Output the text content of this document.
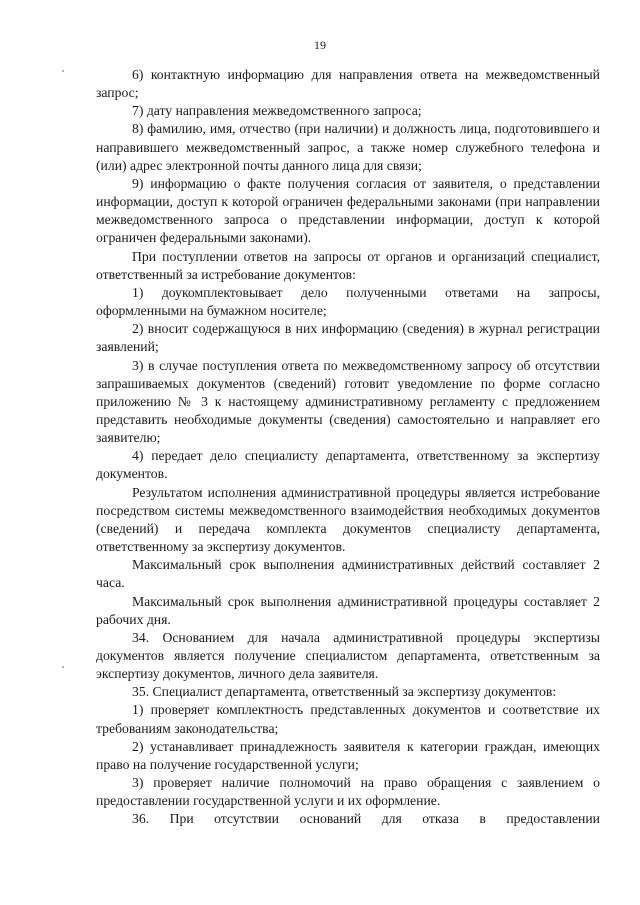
19

6) контактную информацию для направления ответа на межведомственный запрос;

7) дату направления межведомственного запроса;

8) фамилию, имя, отчество (при наличии) и должность лица, подготовившего и направившего межведомственный запрос, а также номер служебного телефона и (или) адрес электронной почты данного лица для связи;

9) информацию о факте получения согласия от заявителя, о представлении информации, доступ к которой ограничен федеральными законами (при направлении межведомственного запроса о представлении информации, доступ к которой ограничен федеральными законами).

При поступлении ответов на запросы от органов и организаций специалист, ответственный за истребование документов:

1) доукомплектовывает дело полученными ответами на запросы, оформленными на бумажном носителе;

2) вносит содержащуюся в них информацию (сведения) в журнал регистрации заявлений;

3) в случае поступления ответа по межведомственному запросу об отсутствии запрашиваемых документов (сведений) готовит уведомление по форме согласно приложению № 3 к настоящему административному регламенту с предложением представить необходимые документы (сведения) самостоятельно и направляет его заявителю;

4) передает дело специалисту департамента, ответственному за экспертизу документов.

Результатом исполнения административной процедуры является истребование посредством системы межведомственного взаимодействия необходимых документов (сведений) и передача комплекта документов специалисту департамента, ответственному за экспертизу документов.

Максимальный срок выполнения административных действий составляет 2 часа.

Максимальный срок выполнения административной процедуры составляет 2 рабочих дня.

34. Основанием для начала административной процедуры экспертизы документов является получение специалистом департамента, ответственным за экспертизу документов, личного дела заявителя.

35. Специалист департамента, ответственный за экспертизу документов:

1) проверяет комплектность представленных документов и соответствие их требованиям законодательства;

2) устанавливает принадлежность заявителя к категории граждан, имеющих право на получение государственной услуги;

3) проверяет наличие полномочий на право обращения с заявлением о предоставлении государственной услуги и их оформление.

36. При отсутствии оснований для отказа в предоставлении
